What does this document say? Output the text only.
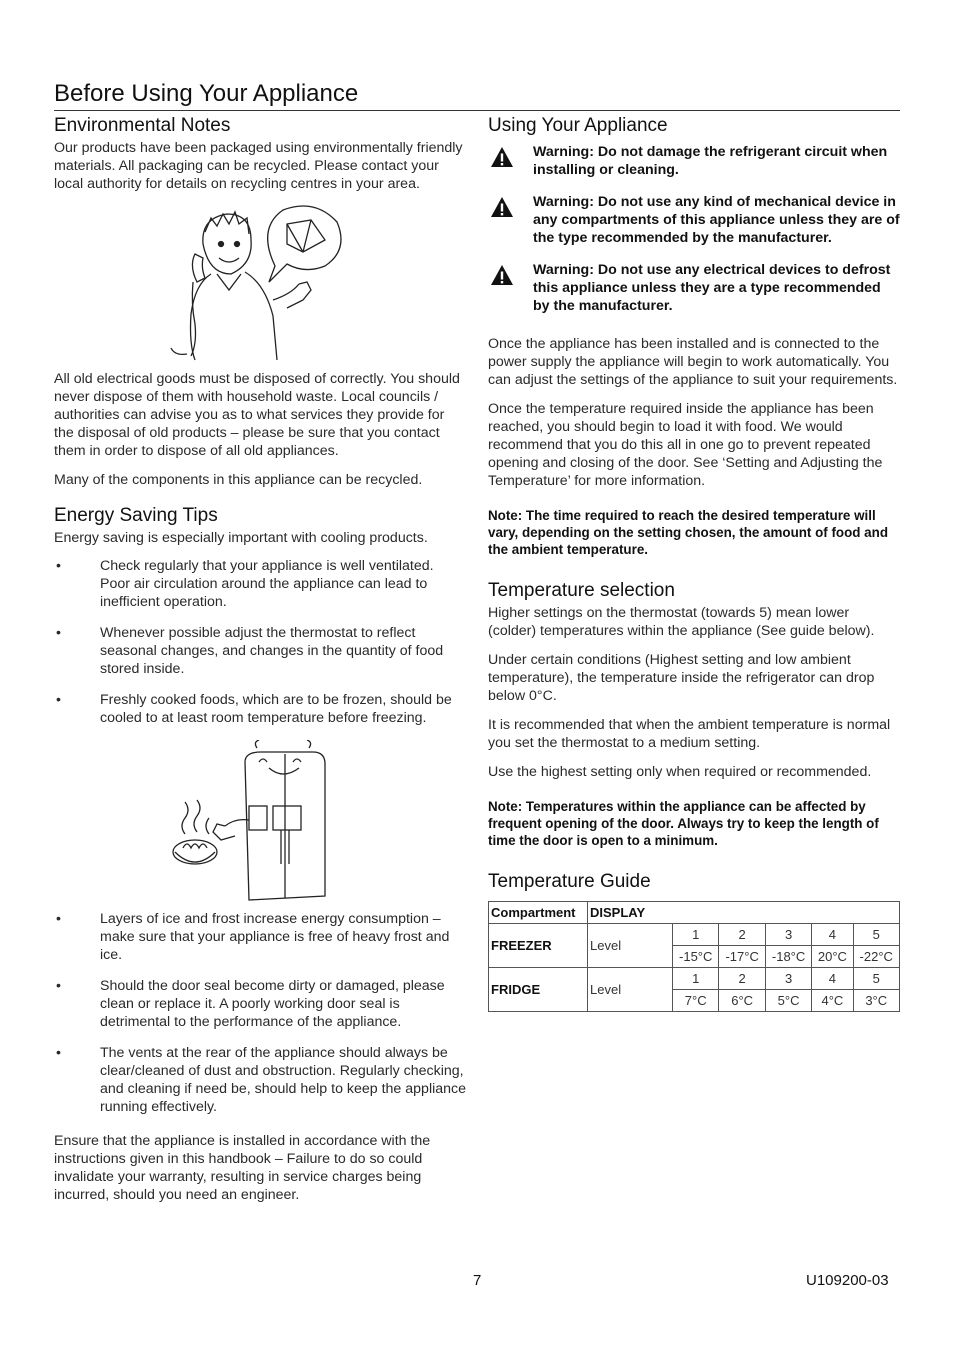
Before Using Your Appliance
Environmental Notes

Our products have been packaged using environmentally friendly materials. All packaging can be recycled. Please contact your local authority for details on recycling centres in your area.

All old electrical goods must be disposed of correctly. You should never dispose of them with household waste. Local councils / authorities can advise you as to what services they provide for the disposal of old products – please be sure that you contact them in order to dispose of all old appliances.

Many of the components in this appliance can be recycled.

Energy Saving Tips

Energy saving is especially important with cooling products.

•	Check regularly that your appliance is well ventilated. Poor air circulation around the appliance can lead to inefficient operation.
•	Whenever possible adjust the thermostat to reflect seasonal changes, and changes in the quantity of food stored inside.
•	Freshly cooked foods, which are to be frozen, should be cooled to at least room temperature before freezing.
•	Layers of ice and frost increase energy consumption – make sure that your appliance is free of heavy frost and ice.
•	Should the door seal become dirty or damaged, please clean or replace it. A poorly working door seal is detrimental to the performance of the appliance.
•	The vents at the rear of the appliance should always be clear/cleaned of dust and obstruction. Regularly checking, and cleaning if need be, should help to keep the appliance running effectively.

Ensure that the appliance is installed in accordance with the instructions given in this handbook – Failure to do so could invalidate your warranty, resulting in service charges being incurred, should you need an engineer.

Using Your Appliance
Warning: Do not damage the refrigerant circuit when installing or cleaning.
Warning: Do not use any kind of mechanical device in any compartments of this appliance unless they are of the type recommended by the manufacturer.
Warning: Do not use any electrical devices to defrost this appliance unless they are a type recommended by the manufacturer.

Once the appliance has been installed and is connected to the power supply the appliance will begin to work automatically. You can adjust the settings of the appliance to suit your requirements.

Once the temperature required inside the appliance has been reached, you should begin to load it with food. We would recommend that you do this all in one go to prevent repeated opening and closing of the door. See ‘Setting and Adjusting the Temperature’ for more information.

Note: The time required to reach the desired temperature will vary, depending on the setting chosen, the amount of food and the ambient temperature.
Temperature selection

Higher settings on the thermostat (towards 5) mean lower (colder) temperatures within the appliance (See guide below).

Under certain conditions (Highest setting and low ambient temperature), the temperature inside the refrigerator can drop below 0°C.

It is recommended that when the ambient temperature is normal you set the thermostat to a medium setting.

Use the highest setting only when required or recommended.

Note: Temperatures within the appliance can be affected by frequent opening of the door. Always try to keep the length of time the door is open to a minimum.
Temperature Guide
Compartment	DISPLAY					
FREEZER	Level	1	2	3	4	5
		-15°C	-17°C	-18°C	20°C	-22°C
FRIDGE	Level	1	2	3	4	5
		7°C	6°C	5°C	4°C	3°C
7	U109200-03
